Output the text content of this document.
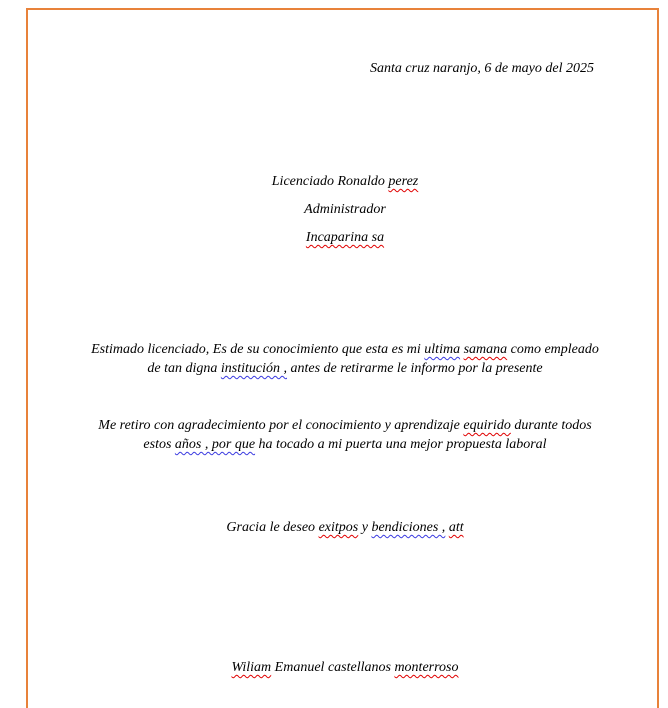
Santa cruz naranjo, 6 de mayo del 2025
Licenciado Ronaldo perez
Administrador
Incaparina sa
Estimado licenciado, Es de su conocimiento que esta es mi ultima samana como empleado
de tan digna institución , antes de retirarme le informo por la presente
Me retiro con agradecimiento por el conocimiento y aprendizaje equirido durante todos
estos años , por que ha tocado a mi puerta una mejor propuesta laboral
Gracia le deseo exitpos y bendiciones , att
Wiliam Emanuel castellanos monterroso
